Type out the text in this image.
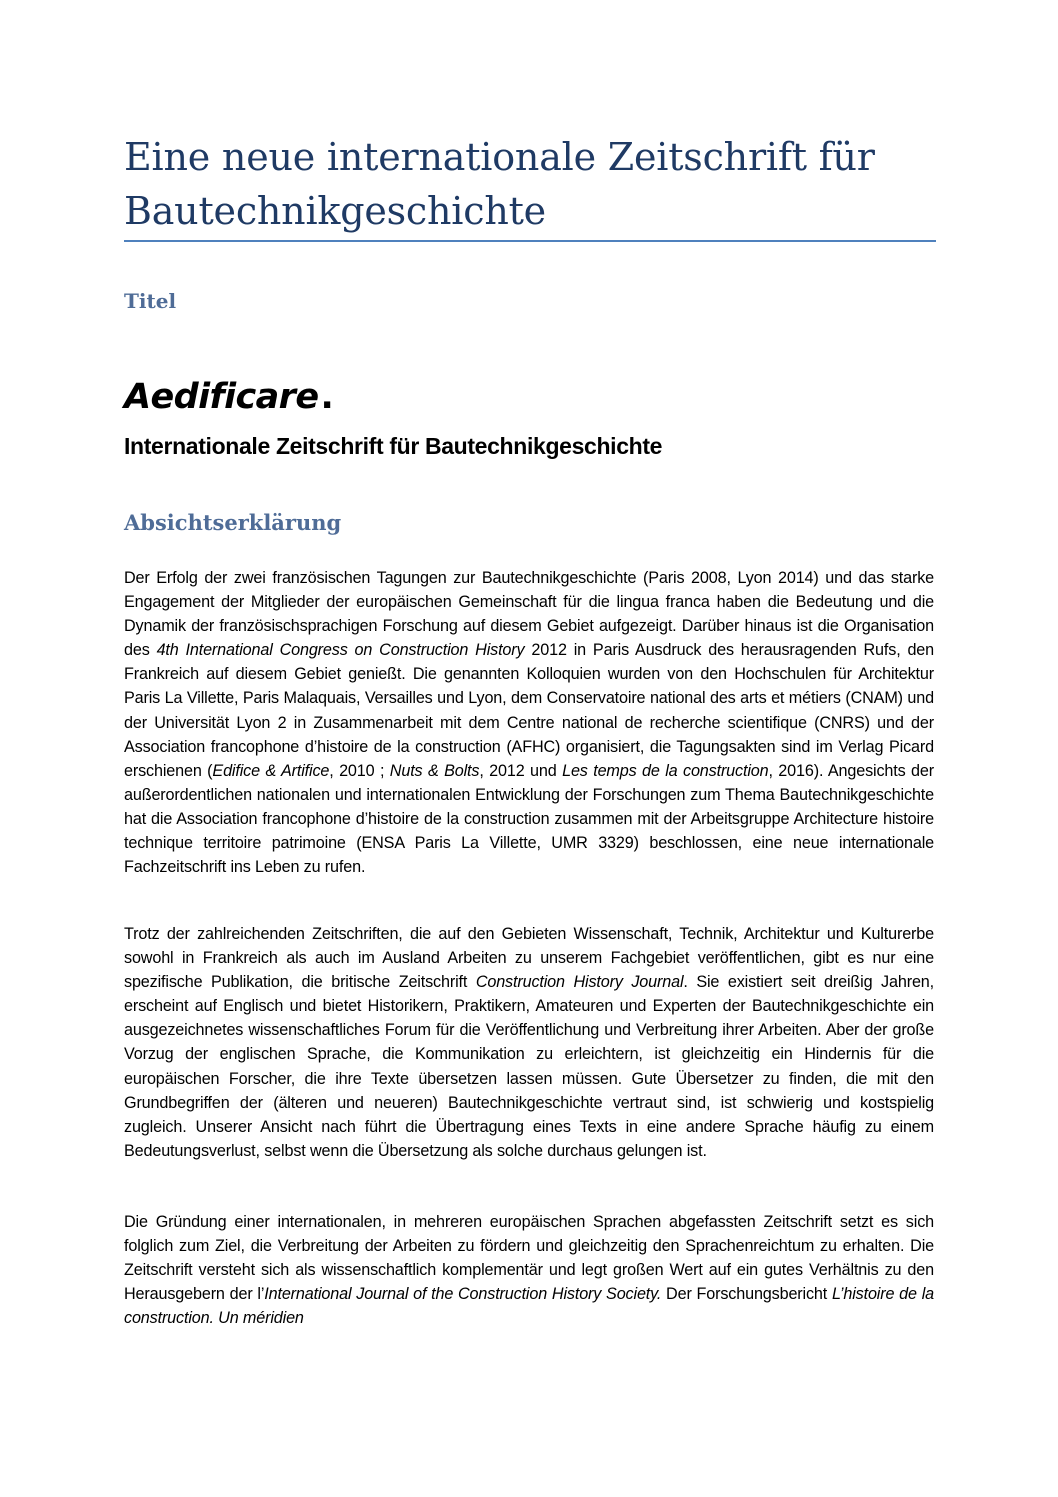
Eine neue internationale Zeitschrift für Bautechnikgeschichte
Titel
Aedificare.
Internationale Zeitschrift für Bautechnikgeschichte
Absichtserklärung

Der Erfolg der zwei französischen Tagungen zur Bautechnikgeschichte (Paris 2008, Lyon 2014) und das starke Engagement der Mitglieder der europäischen Gemeinschaft für die lingua franca haben die Bedeutung und die Dynamik der französischsprachigen Forschung auf diesem Gebiet aufgezeigt. Darüber hinaus ist die Organisation des 4th International Congress on Construction History 2012 in Paris Ausdruck des herausragenden Rufs, den Frankreich auf diesem Gebiet genießt. Die genannten Kolloquien wurden von den Hochschulen für Architektur Paris La Villette, Paris Malaquais, Versailles und Lyon, dem Conservatoire national des arts et métiers (CNAM) und der Universität Lyon 2 in Zusammenarbeit mit dem Centre national de recherche scientifique (CNRS) und der Association francophone d’histoire de la construction (AFHC) organisiert, die Tagungsakten sind im Verlag Picard erschienen (Edifice & Artifice, 2010 ; Nuts & Bolts, 2012 und Les temps de la construction, 2016). Angesichts der außerordentlichen nationalen und internationalen Entwicklung der Forschungen zum Thema Bautechnikgeschichte hat die Association francophone d’histoire de la construction zusammen mit der Arbeitsgruppe Architecture histoire technique territoire patrimoine (ENSA Paris La Villette, UMR 3329) beschlossen, eine neue internationale Fachzeitschrift ins Leben zu rufen.

Trotz der zahlreichenden Zeitschriften, die auf den Gebieten Wissenschaft, Technik, Architektur und Kulturerbe sowohl in Frankreich als auch im Ausland Arbeiten zu unserem Fachgebiet veröffentlichen, gibt es nur eine spezifische Publikation, die britische Zeitschrift Construction History Journal. Sie existiert seit dreißig Jahren, erscheint auf Englisch und bietet Historikern, Praktikern, Amateuren und Experten der Bautechnikgeschichte ein ausgezeichnetes wissenschaftliches Forum für die Veröffentlichung und Verbreitung ihrer Arbeiten. Aber der große Vorzug der englischen Sprache, die Kommunikation zu erleichtern, ist gleichzeitig ein Hindernis für die europäischen Forscher, die ihre Texte übersetzen lassen müssen. Gute Übersetzer zu finden, die mit den Grundbegriffen der (älteren und neueren) Bautechnikgeschichte vertraut sind, ist schwierig und kostspielig zugleich. Unserer Ansicht nach führt die Übertragung eines Texts in eine andere Sprache häufig zu einem Bedeutungsverlust, selbst wenn die Übersetzung als solche durchaus gelungen ist.

Die Gründung einer internationalen, in mehreren europäischen Sprachen abgefassten Zeitschrift setzt es sich folglich zum Ziel, die Verbreitung der Arbeiten zu fördern und gleichzeitig den Sprachenreichtum zu erhalten. Die Zeitschrift versteht sich als wissenschaftlich komplementär und legt großen Wert auf ein gutes Verhältnis zu den Herausgebern der l’International Journal of the Construction History Society. Der Forschungsbericht L’histoire de la construction. Un méridien
